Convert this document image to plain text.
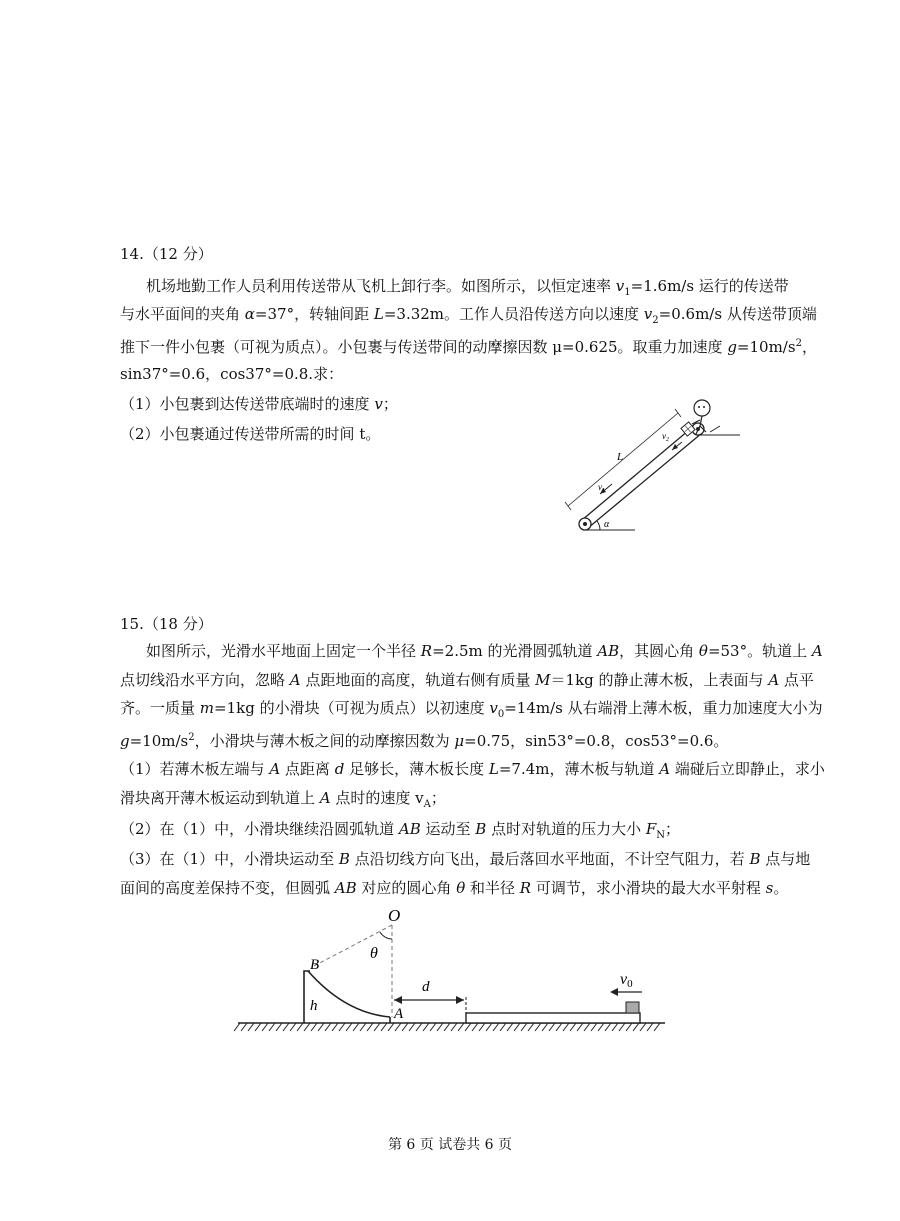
14.（12 分）
机场地勤工作人员利用传送带从飞机上卸行李。如图所示，以恒定速率 $v_1=1.6m/s$ 运行的传送带
与水平面间的夹角 α=37°，转轴间距 L=3.32m。工作人员沿传送方向以速度 $v_2=0.6m/s$ 从传送带顶端
推下一件小包裹（可视为质点）。小包裹与传送带间的动摩擦因数 μ=0.625。取重力加速度 $g=10m/s^2$，
sin37°=0.6，cos37°=0.8.求：
（1）小包裹到达传送带底端时的速度 v；
（2）小包裹通过传送带所需的时间 t。
α
L
$v_1$
$v_2$
15.（18 分）
如图所示，光滑水平地面上固定一个半径 R=2.5m 的光滑圆弧轨道 AB，其圆心角 θ=53°。轨道上 A
点切线沿水平方向，忽略 A 点距地面的高度，轨道右侧有质量 M＝1kg 的静止薄木板，上表面与 A 点平
齐。一质量 m=1kg 的小滑块（可视为质点）以初速度 $v_0=14m/s$ 从右端滑上薄木板，重力加速度大小为
$g=10m/s^2$，小滑块与薄木板之间的动摩擦因数为 μ=0.75，sin53°=0.8，cos53°=0.6。
（1）若薄木板左端与 A 点距离 d 足够长，薄木板长度 L=7.4m，薄木板与轨道 A 端碰后立即静止，求小
滑块离开薄木板运动到轨道上 A 点时的速度 $v_A$；
（2）在（1）中，小滑块继续沿圆弧轨道 AB 运动至 B 点时对轨道的压力大小 $F_N$；
（3）在（1）中，小滑块运动至 B 点沿切线方向飞出，最后落回水平地面，不计空气阻力，若 B 点与地
面间的高度差保持不变，但圆弧 AB 对应的圆心角 θ 和半径 R 可调节，求小滑块的最大水平射程 s。
O
θ
B
h	A
d	v0
第 6 页 试卷共 6 页
